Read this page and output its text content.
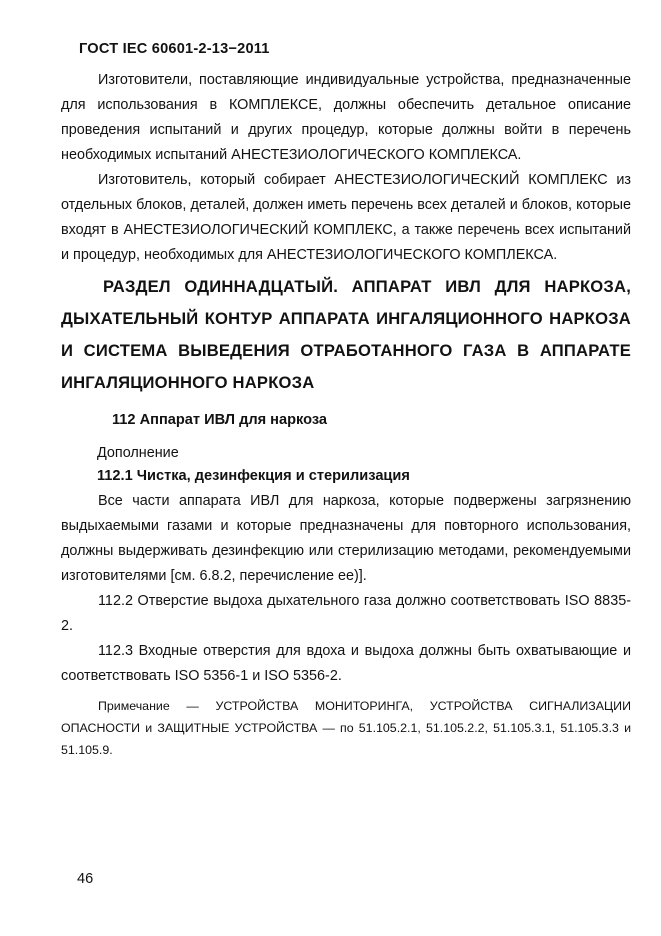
ГОСТ IEC 60601-2-13−2011

Изготовители, поставляющие индивидуальные устройства, предназначенные для использования в КОМПЛЕКСЕ, должны обеспечить детальное описание проведения испытаний и других процедур, которые должны войти в перечень необходимых испытаний АНЕСТЕЗИОЛОГИЧЕСКОГО КОМПЛЕКСА.

Изготовитель, который собирает АНЕСТЕЗИОЛОГИЧЕСКИЙ КОМПЛЕКС из отдельных блоков, деталей, должен иметь перечень всех деталей и блоков, которые входят в АНЕСТЕЗИОЛОГИЧЕСКИЙ КОМПЛЕКС, а также перечень всех испытаний и процедур, необходимых для АНЕСТЕЗИОЛОГИЧЕСКОГО КОМПЛЕКСА.

РАЗДЕЛ ОДИННАДЦАТЫЙ. АППАРАТ ИВЛ ДЛЯ НАРКОЗА, ДЫХАТЕЛЬНЫЙ КОНТУР АППАРАТА ИНГАЛЯЦИОННОГО НАРКОЗА И СИСТЕМА ВЫВЕДЕНИЯ ОТРАБОТАННОГО ГАЗА В АППАРАТЕ ИНГАЛЯЦИОННОГО НАРКОЗА
112 Аппарат ИВЛ для наркоза

Дополнение

112.1 Чистка, дезинфекция и стерилизация

Все части аппарата ИВЛ для наркоза, которые подвержены загрязнению выдыхаемыми газами и которые предназначены для повторного использования, должны выдерживать дезинфекцию или стерилизацию методами, рекомендуемыми изготовителями [см. 6.8.2, перечисление ее)].

112.2 Отверстие выдоха дыхательного газа должно соответствовать ISO 8835-2.

112.3 Входные отверстия для вдоха и выдоха должны быть охватывающие и соответствовать ISO 5356-1 и ISO 5356-2.

Примечание — УСТРОЙСТВА МОНИТОРИНГА, УСТРОЙСТВА СИГНАЛИЗАЦИИ ОПАСНОСТИ и ЗАЩИТНЫЕ УСТРОЙСТВА — по 51.105.2.1, 51.105.2.2, 51.105.3.1, 51.105.3.3 и 51.105.9.

46
